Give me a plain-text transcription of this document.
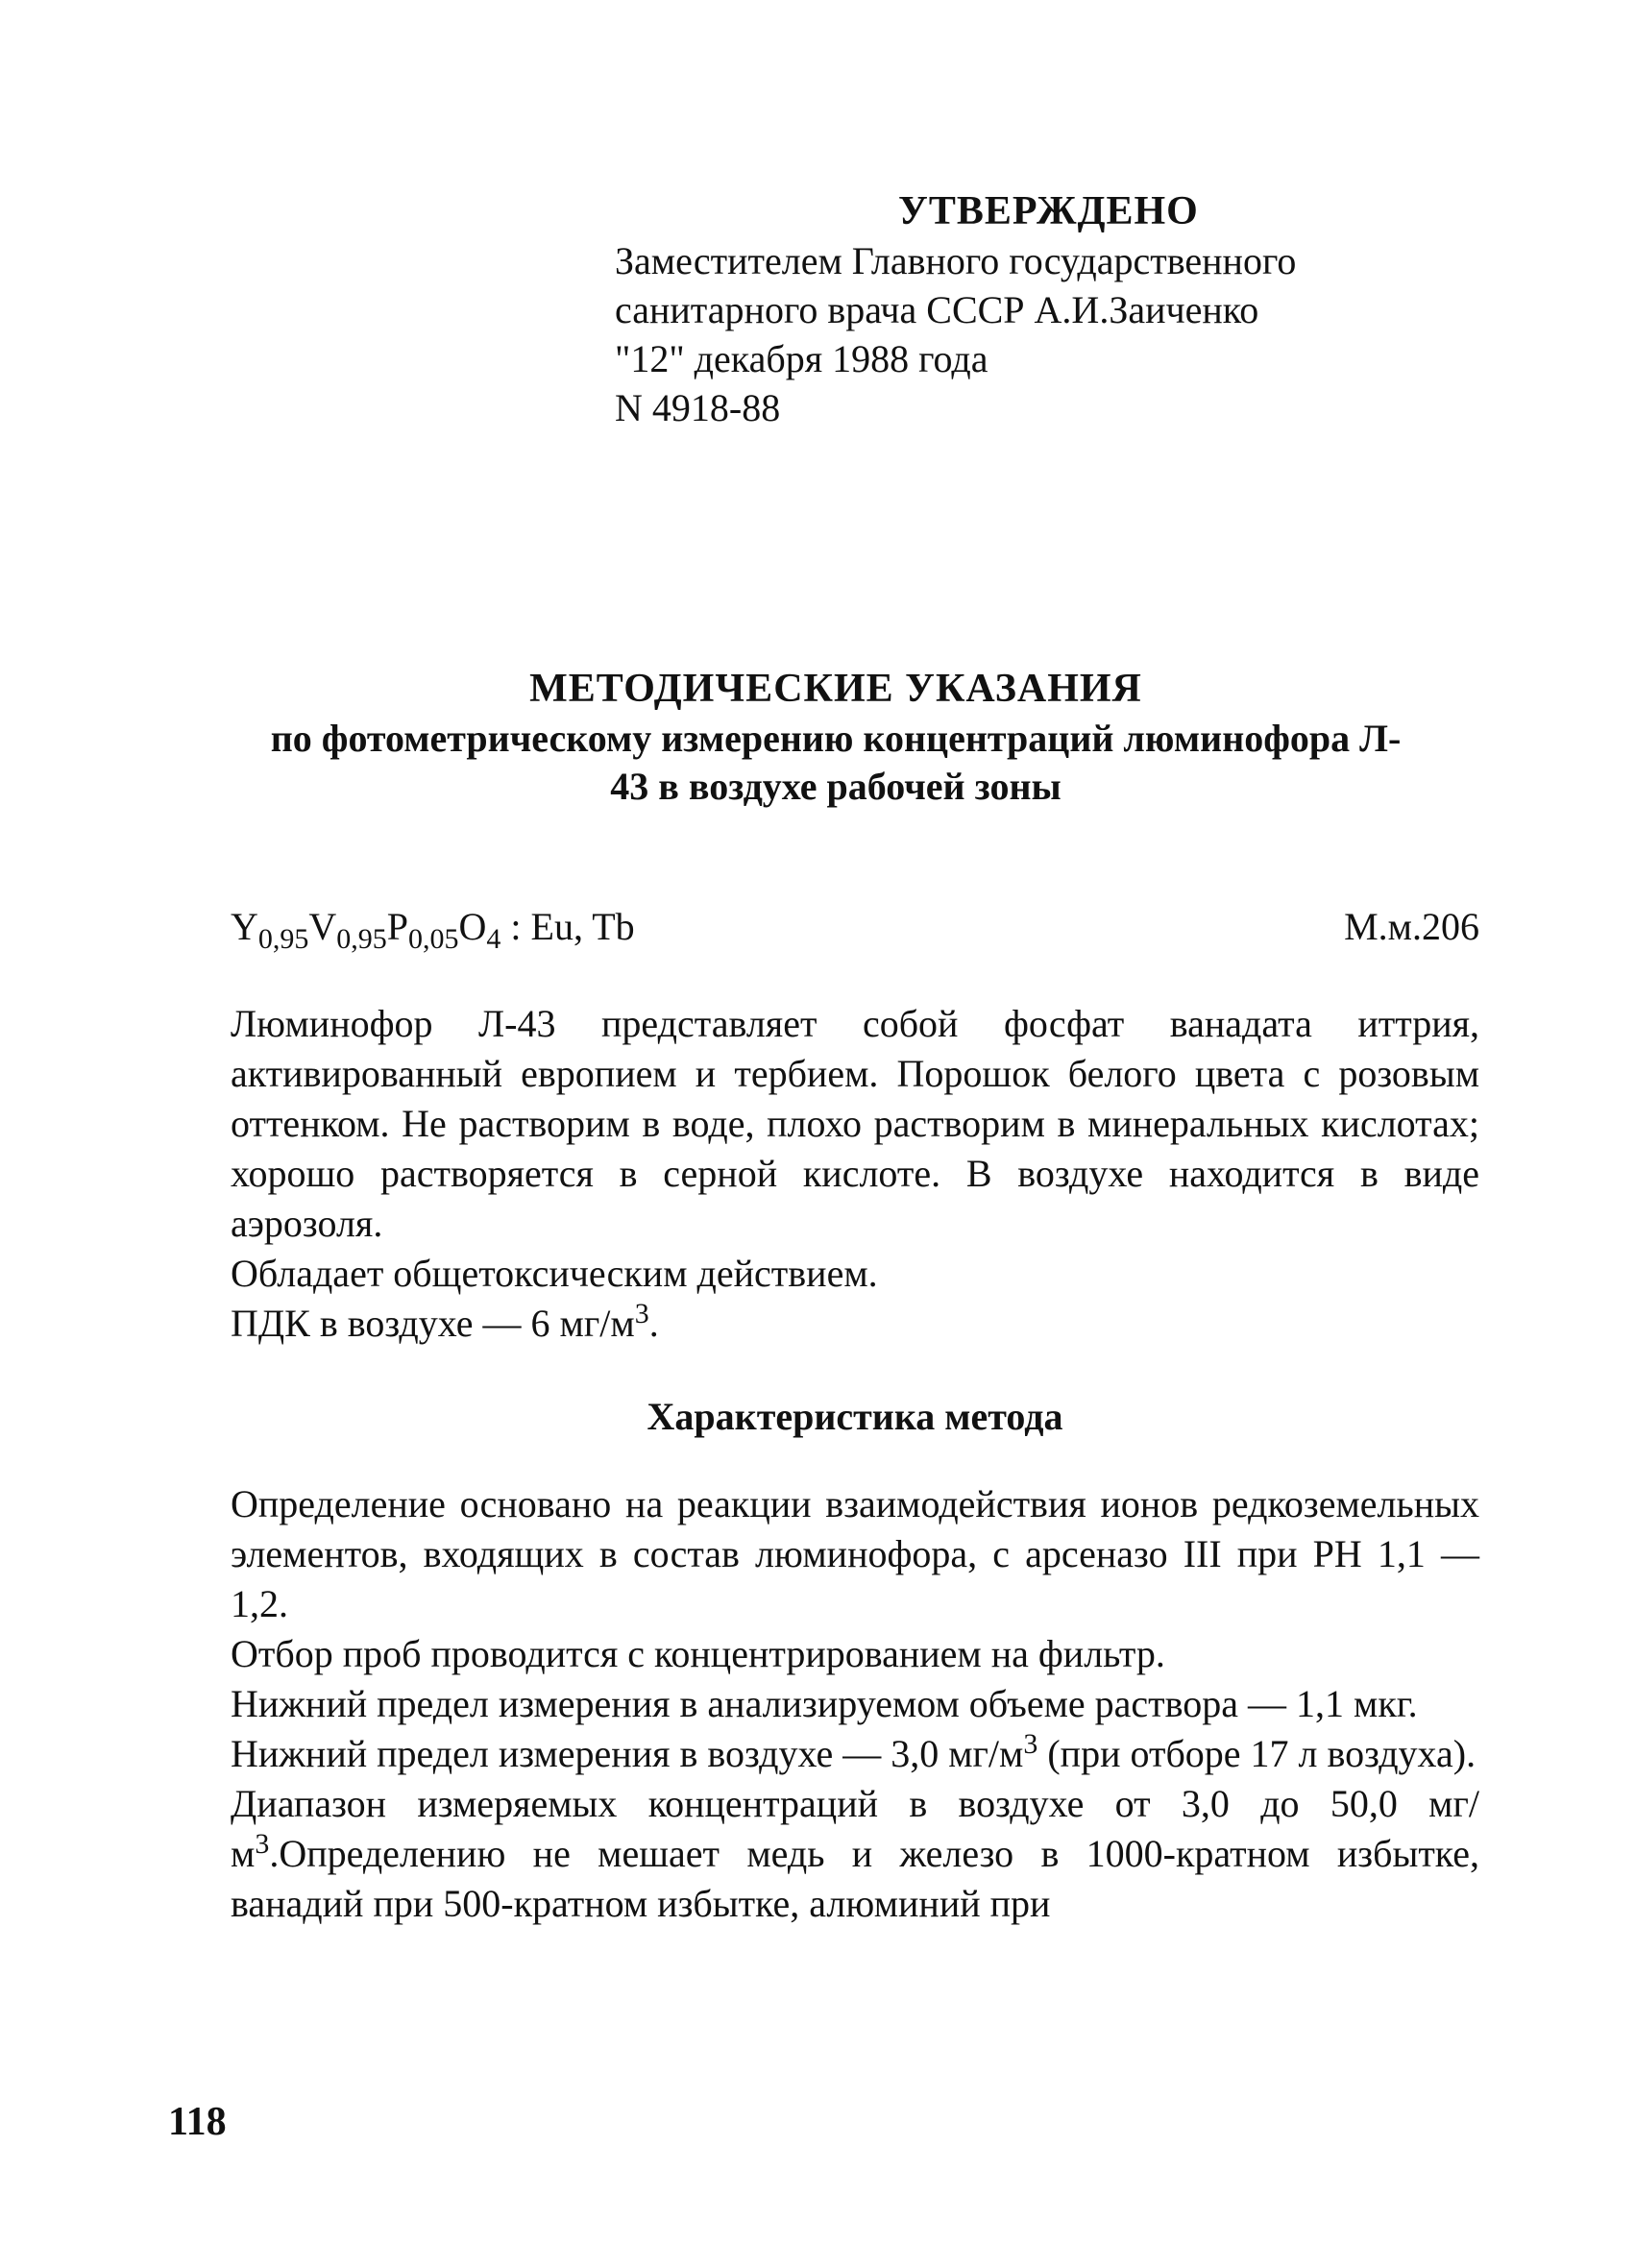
УТВЕРЖДЕНО
Заместителем Главного государственного
санитарного врача СССР А.И.Заиченко
"12" декабря 1988 года
N 4918-88
МЕТОДИЧЕСКИЕ УКАЗАНИЯ
по фотометрическому измерению концентраций люминофора Л-
43 в воздухе рабочей зоны
$Y_{0,95}V_{0,95}P_{0,05}O_4$ : Eu, Tb	М.м.206

Люминофор Л-43 представляет собой фосфат ванадата иттрия, активированный европием и тербием. Порошок белого цвета с розовым оттенком. Не растворим в воде, плохо растворим в минеральных кислотах; хорошо растворяется в серной кислоте. В воздухе находится в виде аэрозоля.

Обладает общетоксическим действием.

ПДК в воздухе — 6 $мг/м^3$.

Характеристика метода

Определение основано на реакции взаимодействия ионов редкоземельных элементов, входящих в состав люминофора, с арсеназо III при РН 1,1 — 1,2.

Отбор проб проводится с концентрированием на фильтр.

Нижний предел измерения в анализируемом объеме раствора — 1,1 мкг.

Нижний предел измерения в воздухе — 3,0 $мг/м^3$ (при отборе 17 л воздуха).

Диапазон измеряемых концентраций в воздухе от 3,0 до 50,0 $мг/м^3.Определению$ не мешает медь и железо в 1000-кратном избытке, ванадий при 500-кратном избытке, алюминий при

118
